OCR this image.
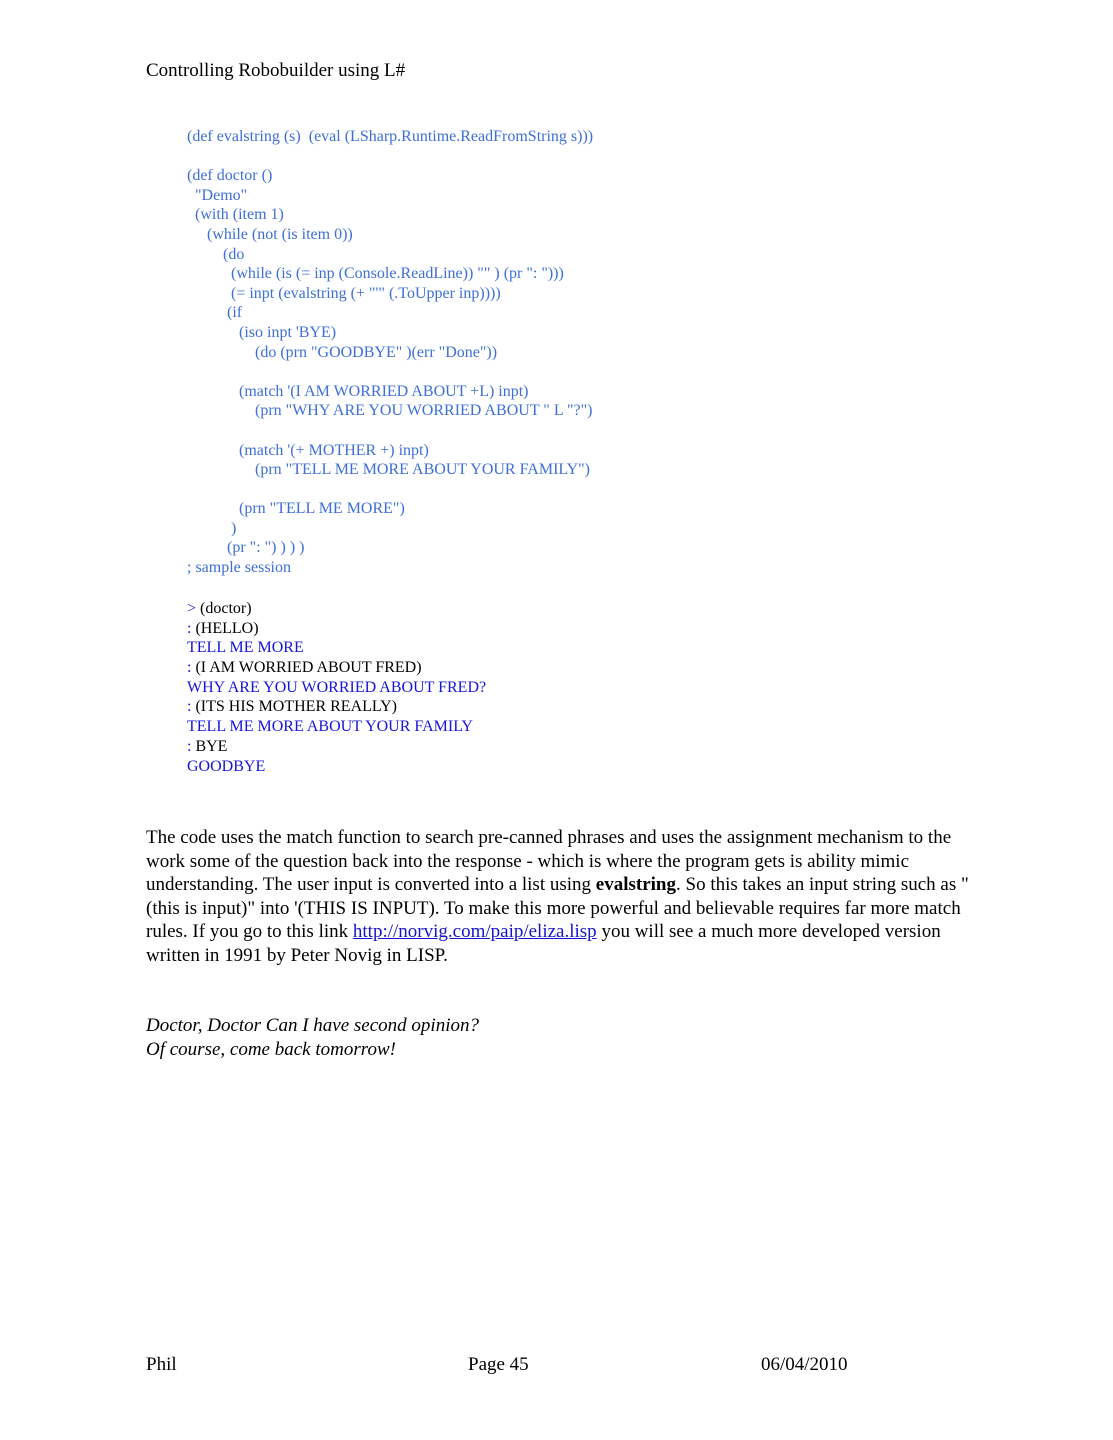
Controlling Robobuilder using L#
(def evalstring (s)  (eval (LSharp.Runtime.ReadFromString s)))
(def doctor ()
"Demo"
(with (item 1)
(while (not (is item 0))
(do
(while (is (= inp (Console.ReadLine)) "" ) (pr ": ")))
(= inpt (evalstring (+ "'" (.ToUpper inp))))
(if
(iso inpt 'BYE)
(do (prn "GOODBYE" )(err "Done"))
(match '(I AM WORRIED ABOUT +L) inpt)
(prn "WHY ARE YOU WORRIED ABOUT " L "?")
(match '(+ MOTHER +) inpt)
(prn "TELL ME MORE ABOUT YOUR FAMILY")
(prn "TELL ME MORE")
)
(pr ": ") ) ) )
; sample session
> (doctor)
: (HELLO)
TELL ME MORE
: (I AM WORRIED ABOUT FRED)
WHY ARE YOU WORRIED ABOUT FRED?
: (ITS HIS MOTHER REALLY)
TELL ME MORE ABOUT YOUR FAMILY
: BYE
GOODBYE
The code uses the match function to search pre-canned phrases and uses the assignment mechanism to the work some of the question back into the response - which is where the program gets is ability mimic understanding. The user input is converted into a list using evalstring. So this takes an input string such as "(this is input)" into '(THIS IS INPUT). To make this more powerful and believable requires far more match rules. If you go to this link http://norvig.com/paip/eliza.lisp you will see a much more developed version written in 1991 by Peter Novig in LISP.
Doctor, Doctor Can I have second opinion?
Of course, come back tomorrow!
Phil	Page 45	06/04/2010
